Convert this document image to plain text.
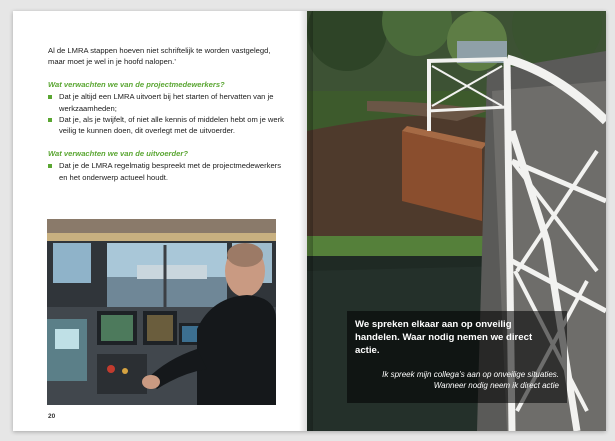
Al de LMRA stappen hoeven niet schriftelijk te worden vastgelegd, maar moet je wel in je hoofd nalopen.’

Wat verwachten we van de projectmedewerkers?

Dat je altijd een LMRA uitvoert bij het starten of hervatten van je werkzaamheden;
Dat je, als je twijfelt, of niet alle kennis of middelen hebt om je werk veilig te kunnen doen, dit overlegt met de uitvoerder.

Wat verwachten we van de uitvoerder?

Dat je de LMRA regelmatig bespreekt met de projectmedewerkers en het onderwerp actueel houdt.
20

We spreken elkaar aan op onveilig handelen. Waar nodig nemen we direct actie.

Ik spreek mijn collega’s aan op onveilige situaties. Wanneer nodig neem ik direct actie
